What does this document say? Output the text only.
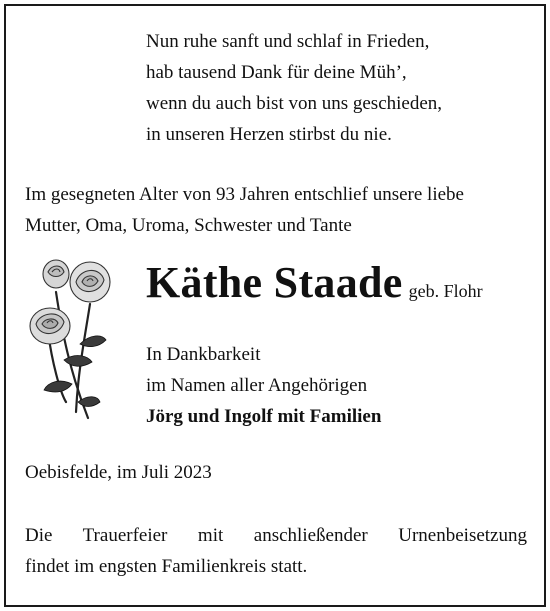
Nun ruhe sanft und schlaf in Frieden,
hab tausend Dank für deine Müh’,
wenn du auch bist von uns geschieden,
in unseren Herzen stirbst du nie.
Im gesegneten Alter von 93 Jahren entschlief unsere liebe
Mutter, Oma, Uroma, Schwester und Tante
Käthe Staade geb. Flohr
In Dankbarkeit
im Namen aller Angehörigen
Jörg und Ingolf mit Familien
Oebisfelde, im Juli 2023
Die Trauerfeier mit anschließender Urnenbeisetzung
findet im engsten Familienkreis statt.
